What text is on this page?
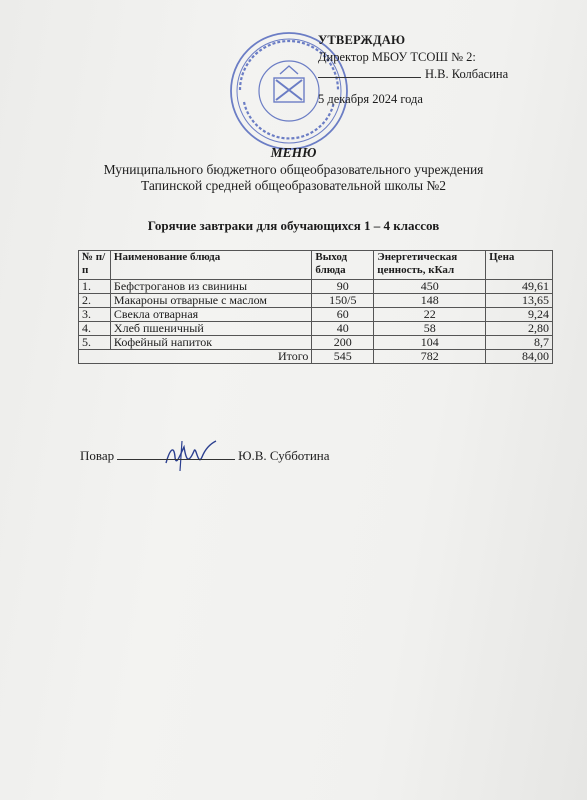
УТВЕРЖДАЮ
Директор МБОУ ТСОШ № 2:
Н.В. Колбасина
5 декабря 2024 года
МЕНЮ
Муниципального бюджетного общеобразовательного учреждения
Тапинской средней общеобразовательной школы №2
Горячие завтраки для обучающихся 1 – 4 классов
№ п/п	Наименование блюда	Выход блюда	Энергетическая ценность, кКал	Цена
1.	Бефстроганов из свинины	90	450	49,61
2.	Макароны отварные с маслом	150/5	148	13,65
3.	Свекла отварная	60	22	9,24
4.	Хлеб пшеничный	40	58	2,80
5.	Кофейный напиток	200	104	8,7
Итого		545	782	84,00
Повар	Ю.В. Субботина
